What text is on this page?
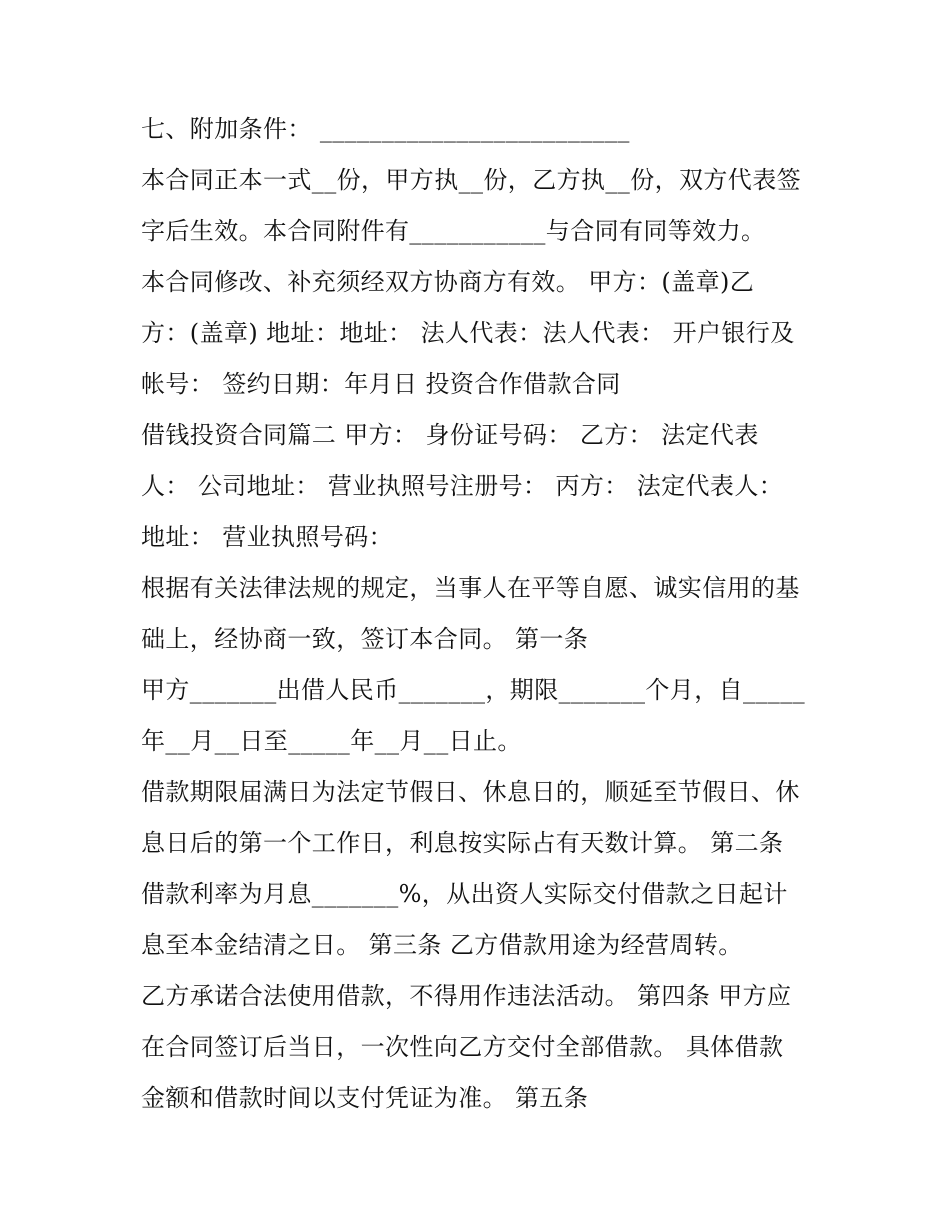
七、附加条件： _________________________
本合同正本一式__份，甲方执__份，乙方执__份，双方代表签
字后生效。本合同附件有___________与合同有同等效力。
本合同修改、补充须经双方协商方有效。 甲方：(盖章)乙
方：(盖章) 地址：地址： 法人代表：法人代表： 开户银行及
帐号： 签约日期：年月日 投资合作借款合同
借钱投资合同篇二 甲方： 身份证号码： 乙方： 法定代表
人： 公司地址： 营业执照号注册号： 丙方： 法定代表人：
地址： 营业执照号码：
根据有关法律法规的规定，当事人在平等自愿、诚实信用的基
础上，经协商一致，签订本合同。 第一条
甲方_______出借人民币_______，期限_______个月，自_____
年__月__日至_____年__月__日止。
借款期限届满日为法定节假日、休息日的，顺延至节假日、休
息日后的第一个工作日，利息按实际占有天数计算。 第二条
借款利率为月息_______%，从出资人实际交付借款之日起计
息至本金结清之日。 第三条 乙方借款用途为经营周转。
乙方承诺合法使用借款，不得用作违法活动。 第四条 甲方应
在合同签订后当日，一次性向乙方交付全部借款。 具体借款
金额和借款时间以支付凭证为准。 第五条
